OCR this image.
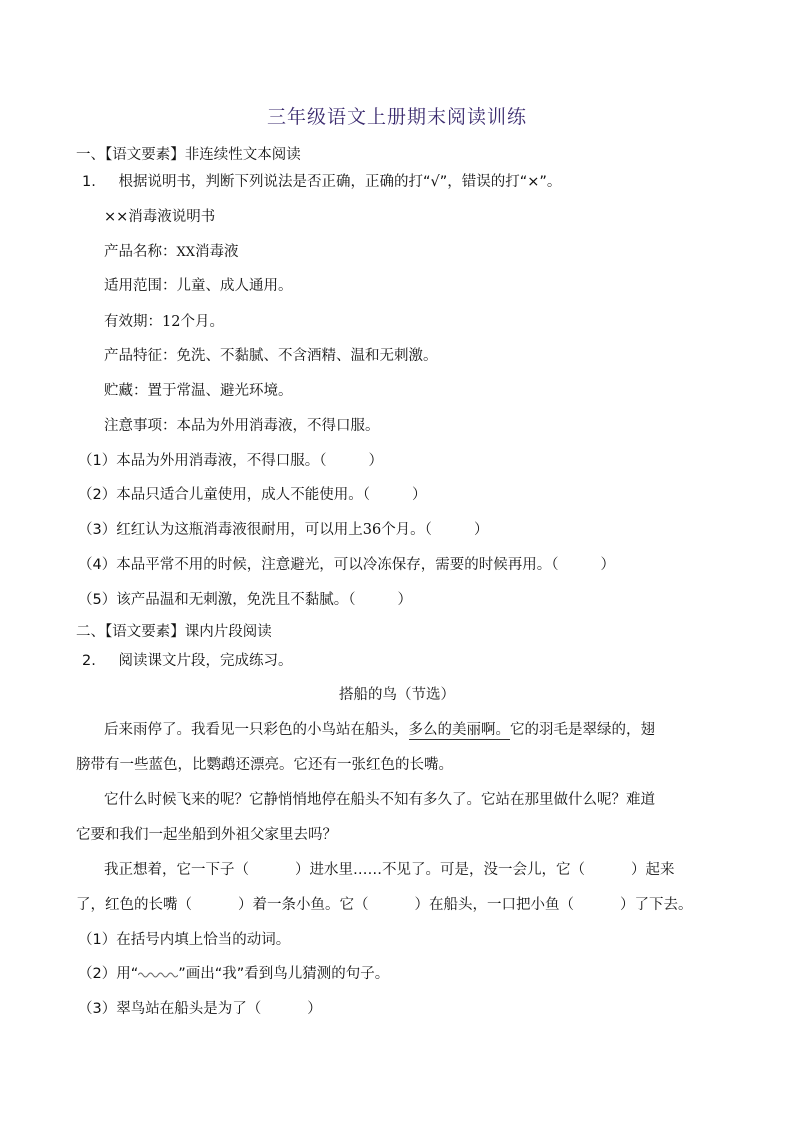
三年级语文上册期末阅读训练
一、【语文要素】非连续性文本阅读
1. 根据说明书，判断下列说法是否正确，正确的打“√”，错误的打“×”。
××消毒液说明书
产品名称：XX消毒液
适用范围：儿童、成人通用。
有效期：12个月。
产品特征：免洗、不黏腻、不含酒精、温和无刺激。
贮藏：置于常温、避光环境。
注意事项：本品为外用消毒液，不得口服。
（1）本品为外用消毒液，不得口服。（	）
（2）本品只适合儿童使用，成人不能使用。（	）
（3）红红认为这瓶消毒液很耐用，可以用上36个月。（	）
（4）本品平常不用的时候，注意避光，可以冷冻保存，需要的时候再用。（	）
（5）该产品温和无刺激，免洗且不黏腻。（	）
二、【语文要素】课内片段阅读
2. 阅读课文片段，完成练习。
搭船的鸟（节选）
后来雨停了。我看见一只彩色的小鸟站在船头，多么的美丽啊。它的羽毛是翠绿的，翅
膀带有一些蓝色，比鹦鹉还漂亮。它还有一张红色的长嘴。
它什么时候飞来的呢？它静悄悄地停在船头不知有多久了。它站在那里做什么呢？难道
它要和我们一起坐船到外祖父家里去吗？
我正想着，它一下子（	）进水里……不见了。可是，没一会儿，它（	）起来
了，红色的长嘴（	）着一条小鱼。它（	）在船头，一口把小鱼（	）了下去。
（1）在括号内填上恰当的动词。
（2）用“	”画出“我”看到鸟儿猜测的句子。
（3）翠鸟站在船头是为了（	）
